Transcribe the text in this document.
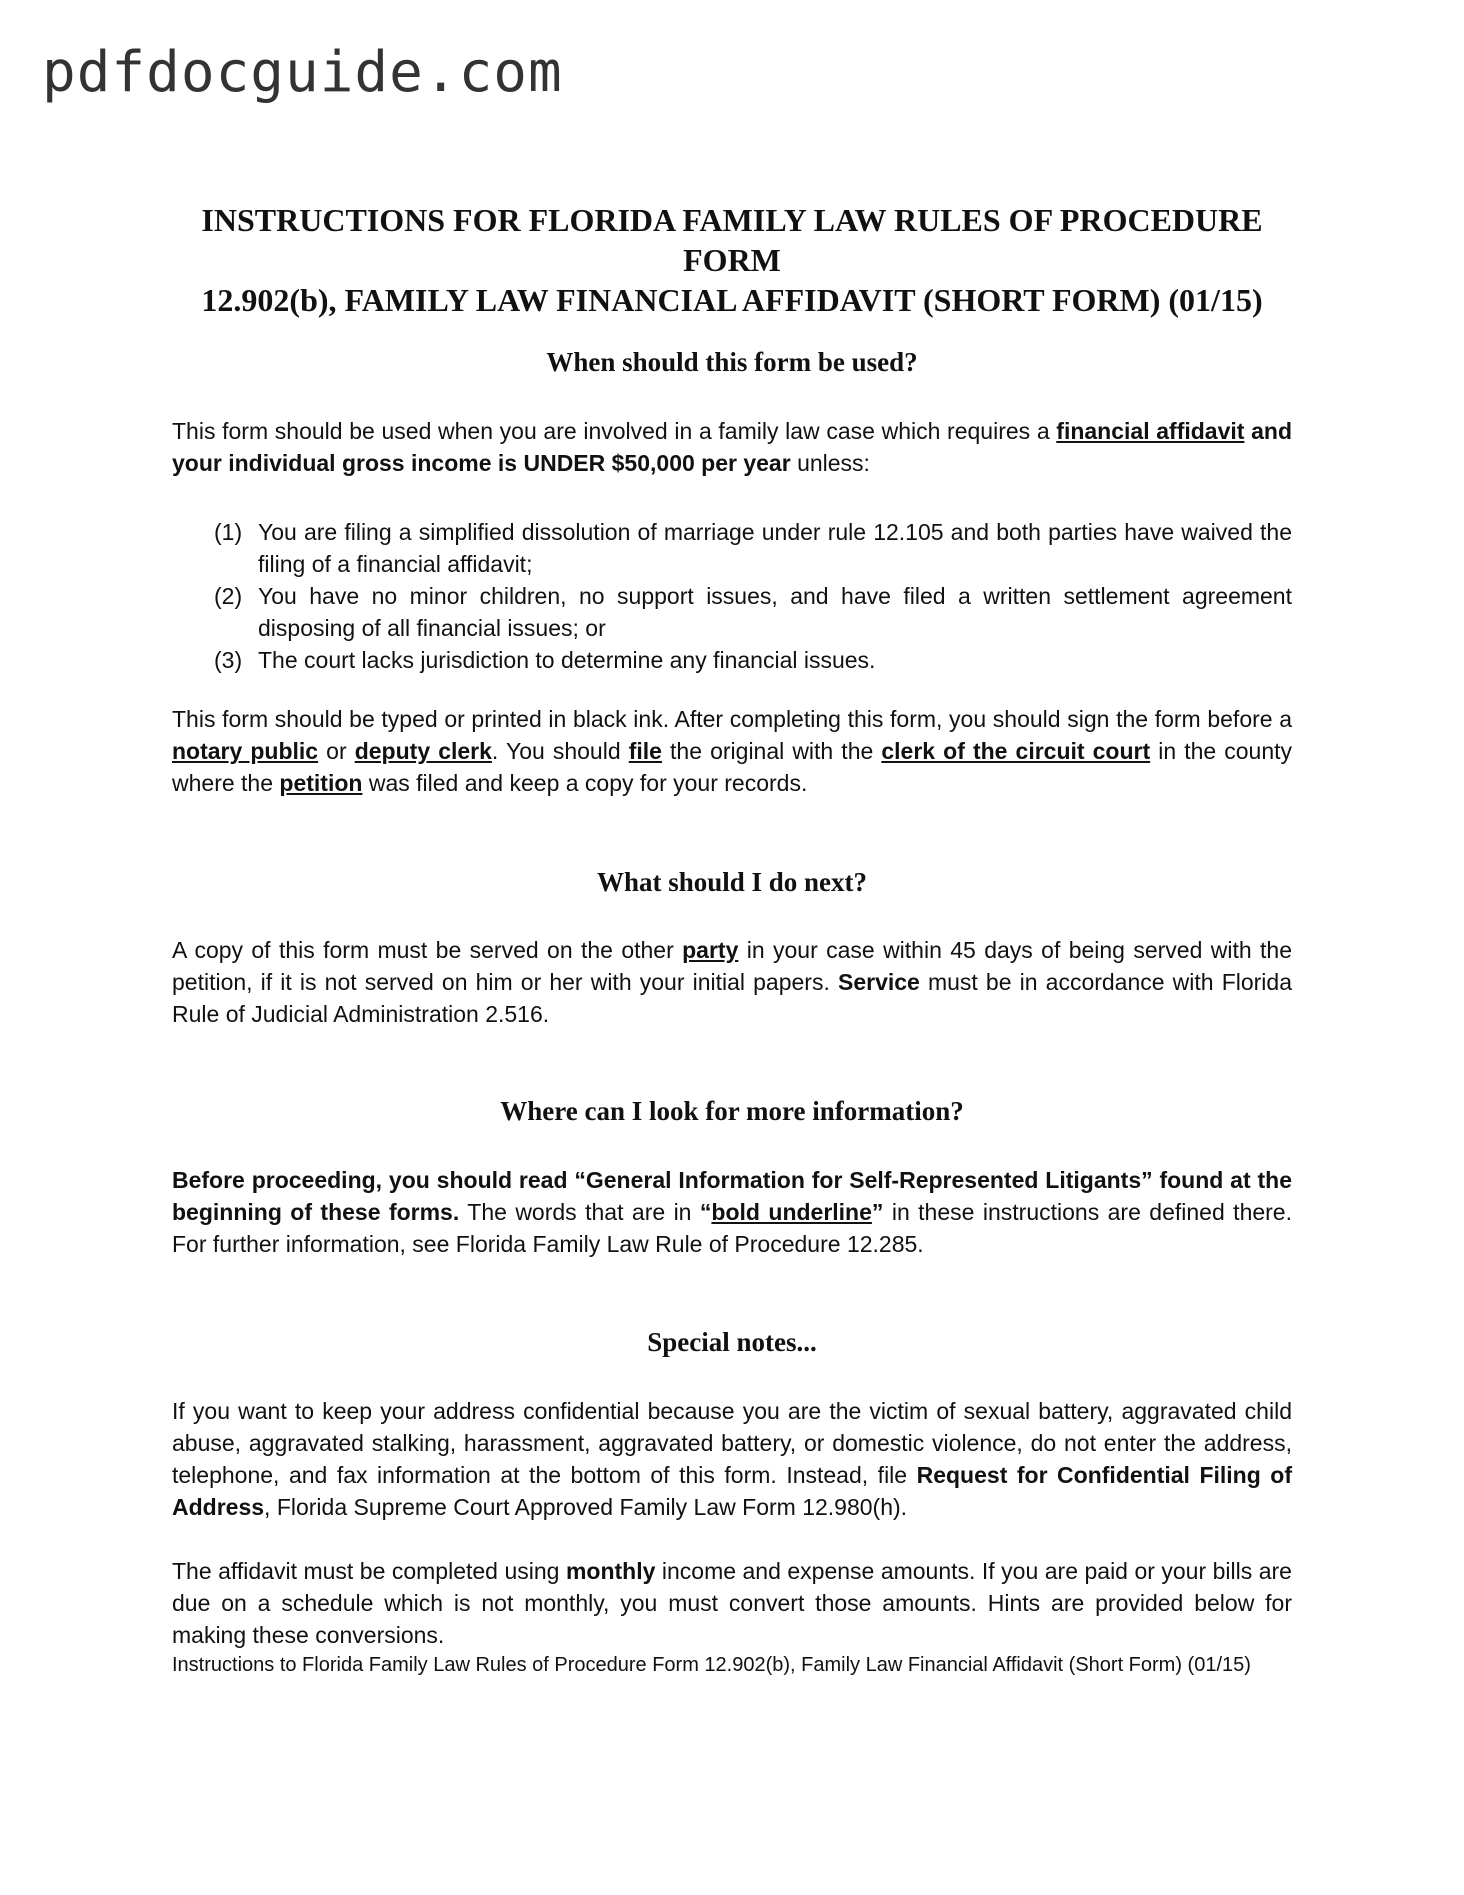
pdfdocguide.com
INSTRUCTIONS FOR FLORIDA FAMILY LAW RULES OF PROCEDURE FORM
12.902(b), FAMILY LAW FINANCIAL AFFIDAVIT (SHORT FORM) (01/15)
When should this form be used?
This form should be used when you are involved in a family law case which requires a financial affidavit and your individual gross income is UNDER $50,000 per year unless:
(1) You are filing a simplified dissolution of marriage under rule 12.105 and both parties have waived the filing of a financial affidavit;
(2) You have no minor children, no support issues, and have filed a written settlement agreement disposing of all financial issues; or
(3) The court lacks jurisdiction to determine any financial issues.
This form should be typed or printed in black ink. After completing this form, you should sign the form before a notary public or deputy clerk. You should file the original with the clerk of the circuit court in the county where the petition was filed and keep a copy for your records.
What should I do next?
A copy of this form must be served on the other party in your case within 45 days of being served with the petition, if it is not served on him or her with your initial papers. Service must be in accordance with Florida Rule of Judicial Administration 2.516.
Where can I look for more information?
Before proceeding, you should read “General Information for Self-Represented Litigants” found at the beginning of these forms. The words that are in “bold underline” in these instructions are defined there. For further information, see Florida Family Law Rule of Procedure 12.285.
Special notes...
If you want to keep your address confidential because you are the victim of sexual battery, aggravated child abuse, aggravated stalking, harassment, aggravated battery, or domestic violence, do not enter the address, telephone, and fax information at the bottom of this form. Instead, file Request for Confidential Filing of Address, Florida Supreme Court Approved Family Law Form 12.980(h).
The affidavit must be completed using monthly income and expense amounts. If you are paid or your bills are due on a schedule which is not monthly, you must convert those amounts. Hints are provided below for making these conversions.
Instructions to Florida Family Law Rules of Procedure Form 12.902(b), Family Law Financial Affidavit (Short Form) (01/15)
